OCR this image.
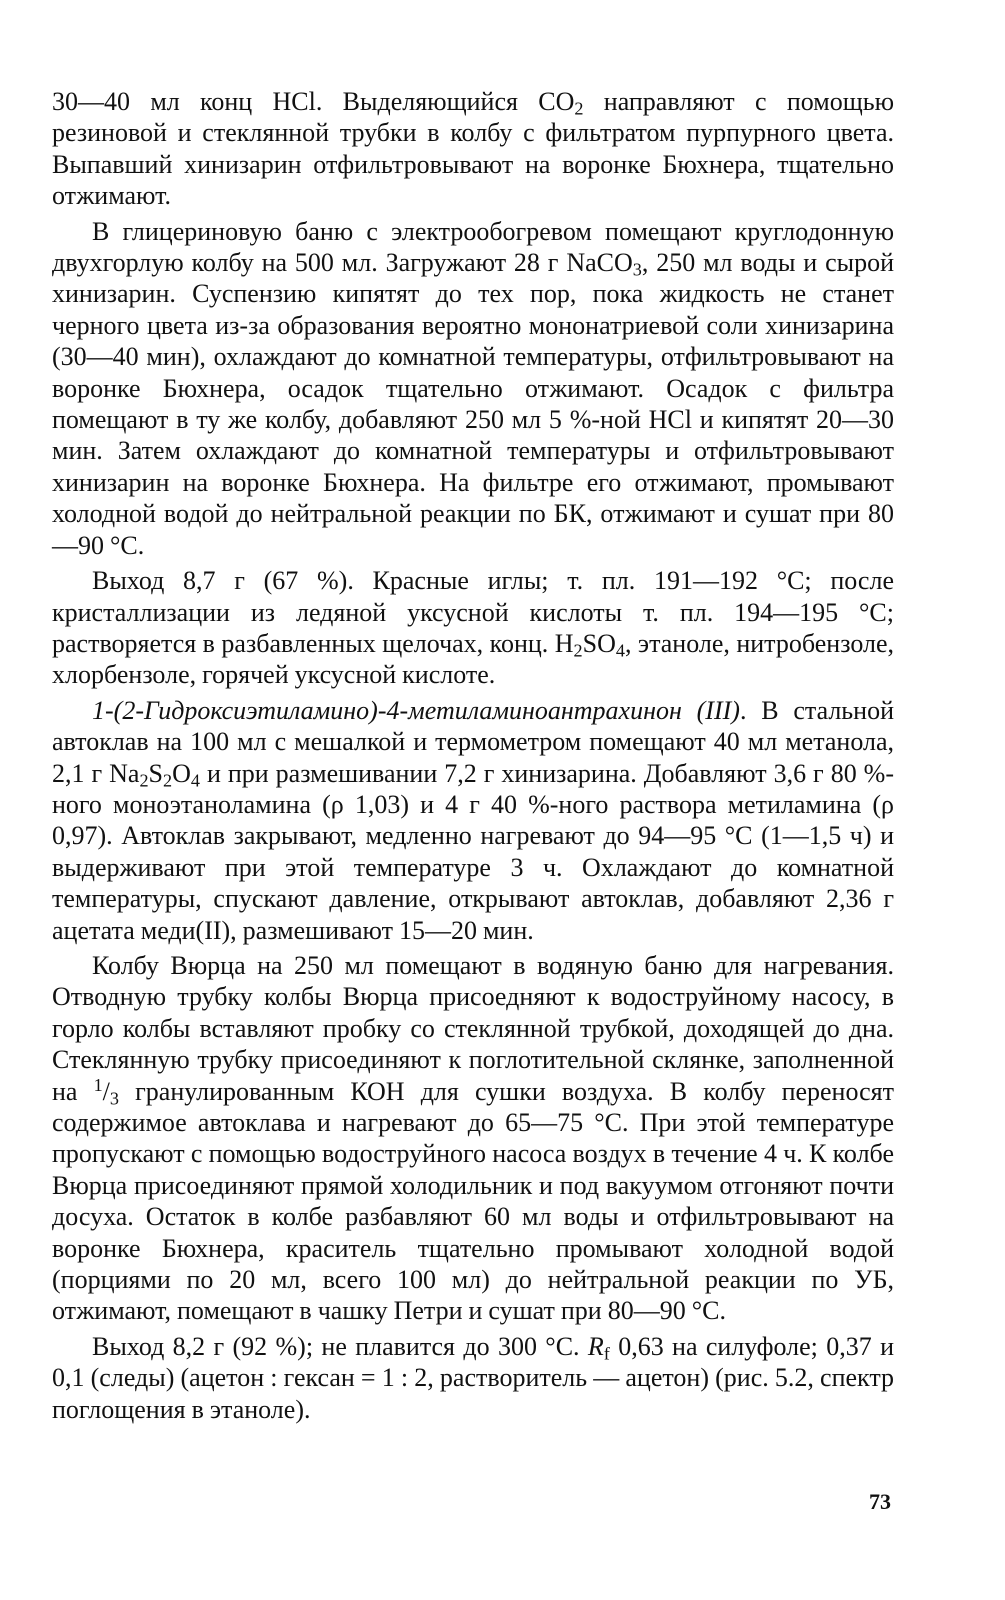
30—40 мл конц HCl. Выделяющийся $CO_2$ направляют с помощью резиновой и стеклянной трубки в колбу с фильтратом пурпурного цвета. Выпавший хинизарин отфильтровывают на воронке Бюхнера, тщательно отжимают.

В глицериновую баню с электрообогревом помещают круглодонную двухгорлую колбу на 500 мл. Загружают 28 г NaCO$_3$, 250 мл воды и сырой хинизарин. Суспензию кипятят до тех пор, пока жидкость не станет черного цвета из-за образования вероятно мононатриевой соли хинизарина (30—40 мин), охлаждают до комнатной температуры, отфильтровывают на воронке Бюхнера, осадок тщательно отжимают. Осадок с фильтра помещают в ту же колбу, добавляют 250 мл 5 %-ной HCl и кипятят 20—30 мин. Затем охлаждают до комнатной температуры и отфильтровывают хинизарин на воронке Бюхнера. На фильтре его отжимают, промывают холодной водой до нейтральной реакции по БК, отжимают и сушат при 80—90 °С.

Выход 8,7 г (67 %). Красные иглы; т. пл. 191—192 °С; после кристаллизации из ледяной уксусной кислоты т. пл. 194—195 °С; растворяется в разбавленных щелочах, конц. $H_2SO_4$, этаноле, нитробензоле, хлорбензоле, горячей уксусной кислоте.

1-(2-Гидроксиэтиламино)-4-метиламиноантрахинон (III). В стальной автоклав на 100 мл с мешалкой и термометром помещают 40 мл метанола, 2,1 г $Na_2S_2O_4$ и при размешивании 7,2 г хинизарина. Добавляют 3,6 г 80 %-ного моноэтаноламина (ρ 1,03) и 4 г 40 %-ного раствора метиламина (ρ 0,97). Автоклав закрывают, медленно нагревают до 94—95 °С (1—1,5 ч) и выдерживают при этой температуре 3 ч. Охлаждают до комнатной температуры, спускают давление, открывают автоклав, добавляют 2,36 г ацетата меди(II), размешивают 15—20 мин.

Колбу Вюрца на 250 мл помещают в водяную баню для нагревания. Отводную трубку колбы Вюрца присоедняют к водоструйному насосу, в горло колбы вставляют пробку со стеклянной трубкой, доходящей до дна. Стеклянную трубку присоединяют к поглотительной склянке, заполненной на $^1/_3$ гранулированным КОН для сушки воздуха. В колбу переносят содержимое автоклава и нагревают до 65—75 °С. При этой температуре пропускают с помощью водоструйного насоса воздух в течение 4 ч. К колбе Вюрца присоединяют прямой холодильник и под вакуумом отгоняют почти досуха. Остаток в колбе разбавляют 60 мл воды и отфильтровывают на воронке Бюхнера, краситель тщательно промывают холодной водой (порциями по 20 мл, всего 100 мл) до нейтральной реакции по УБ, отжимают, помещают в чашку Петри и сушат при 80—90 °С.

Выход 8,2 г (92 %); не плавится до 300 °С. $R_f$ 0,63 на силуфоле; 0,37 и 0,1 (следы) (ацетон : гексан = 1 : 2, растворитель — ацетон) (рис. 5.2, спектр поглощения в этаноле).

73
